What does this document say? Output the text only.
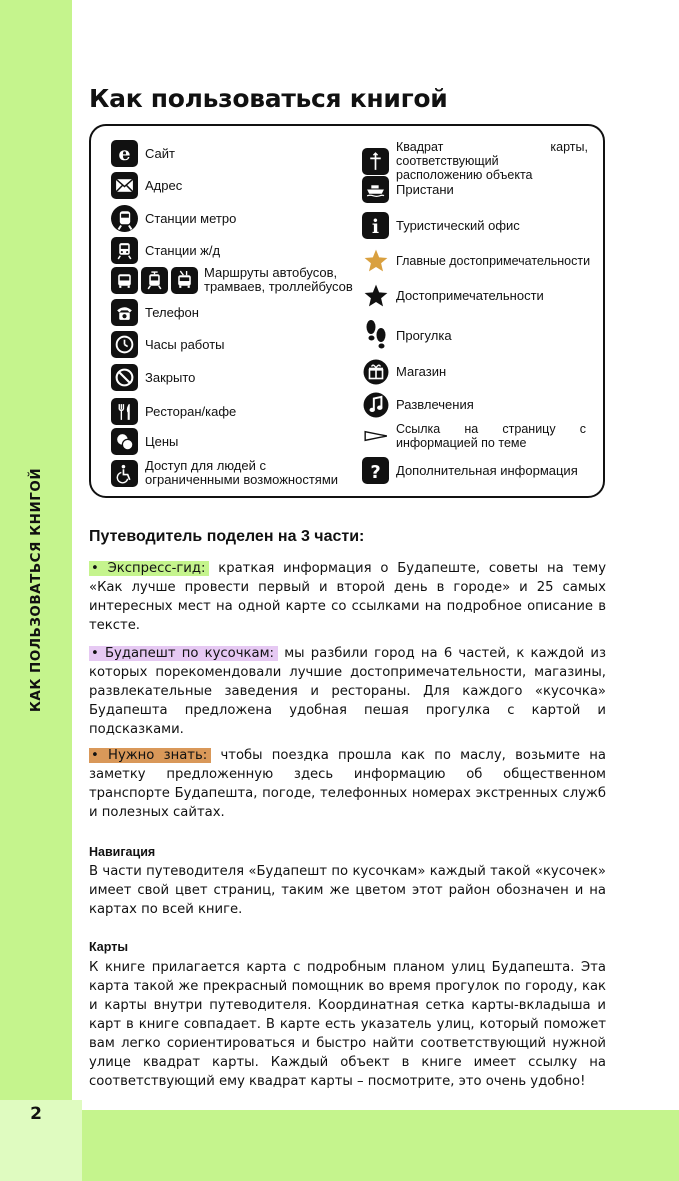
КАК ПОЛЬЗОВАТЬСЯ КНИГОЙ
2
Как пользоваться книгой
e Сайт
Адрес
Станции метро
Станции ж/д
Маршруты автобусов, трамваев, троллейбусов
Телефон
Часы работы
Закрыто
Ресторан/кафе
Цены
Доступ для людей с ограниченными возможностями
Квадрат карты, соответствующий расположению объекта
Пристани
i Туристический офис
Главные достопримечательности
Достопримечательности
Прогулка
Магазин
Развлечения
Ссылка на страницу с информацией по теме
? Дополнительная информация
Путеводитель поделен на 3 части:

• Экспресс-гид: краткая информация о Будапеште, советы на тему «Как лучше провести первый и второй день в городе» и 25 самых интересных мест на одной карте со ссылками на подробное описание в тексте.

• Будапешт по кусочкам: мы разбили город на 6 частей, к каждой из которых порекомендовали лучшие достопримечательности, магазины, развлекательные заведения и рестораны. Для каждого «кусочка» Будапешта предложена удобная пешая прогулка с картой и подсказками.

• Нужно знать: чтобы поездка прошла как по маслу, возьмите на заметку предложенную здесь информацию об общественном транспорте Будапешта, погоде, телефонных номерах экстренных служб и полезных сайтах.

Навигация

В части путеводителя «Будапешт по кусочкам» каждый такой «кусочек» имеет свой цвет страниц, таким же цветом этот район обозначен и на картах по всей книге.

Карты

К книге прилагается карта с подробным планом улиц Будапешта. Эта карта такой же прекрасный помощник во время прогулок по городу, как и карты внутри путеводителя. Координатная сетка карты-вкладыша и карт в книге совпадает. В карте есть указатель улиц, который поможет вам легко сориентироваться и быстро найти соответствующий нужной улице квадрат карты. Каждый объект в книге имеет ссылку на соответствующий ему квадрат карты – посмотрите, это очень удобно!
